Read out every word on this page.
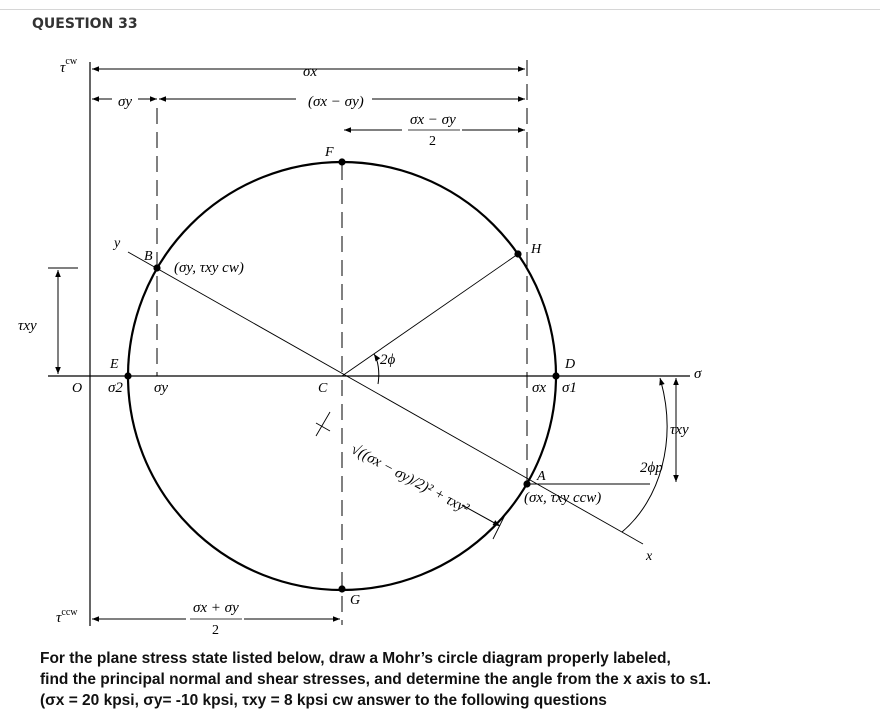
QUESTION 33
$\tau^{cw}$
$\tau^{ccw}$
σx
(σx − σy)
σy
σx − σy
2
F
H
B
y
(σy, τxy cw)
τxy
E
O σ2 σy	C
2ϕ	D
σx σ1
σ
τxy
2ϕp
A
(σx, τxy ccw)
x
G
√((σx − σy)/2)² + τxy²
σx + σy
2
For the plane stress state listed below, draw a Mohr’s circle diagram properly labeled,
find the principal normal and shear stresses, and determine the angle from the x axis to s1.
(σx = 20 kpsi, σy= -10 kpsi, τxy = 8 kpsi cw answer to the following questions
